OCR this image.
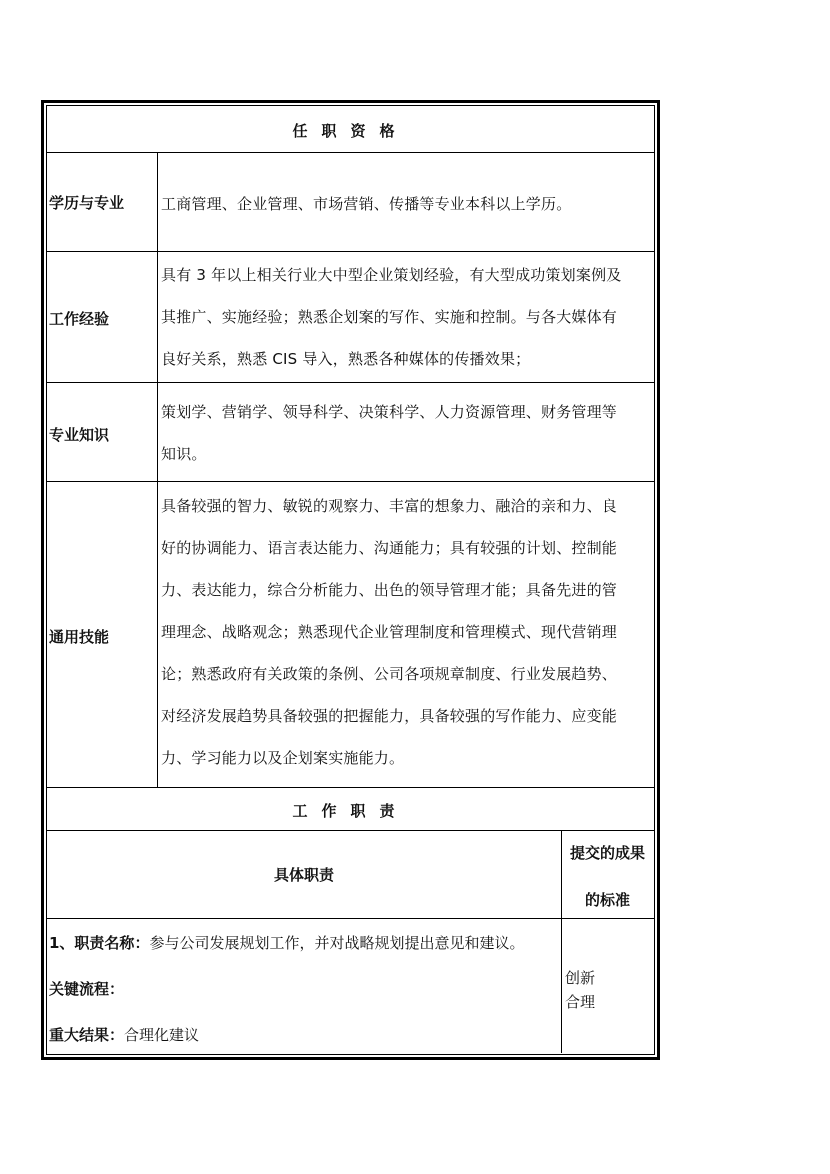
任职资格
学历与专业	工商管理、企业管理、市场营销、传播等专业本科以上学历。
工作经验
具有 3 年以上相关行业大中型企业策划经验，有大型成功策划案例及
其推广、实施经验；熟悉企划案的写作、实施和控制。与各大媒体有
良好关系，熟悉 CIS 导入，熟悉各种媒体的传播效果；
专业知识
策划学、营销学、领导科学、决策科学、人力资源管理、财务管理等
知识。
通用技能
具备较强的智力、敏锐的观察力、丰富的想象力、融洽的亲和力、良
好的协调能力、语言表达能力、沟通能力；具有较强的计划、控制能
力、表达能力，综合分析能力、出色的领导管理才能；具备先进的管
理理念、战略观念；熟悉现代企业管理制度和管理模式、现代营销理
论；熟悉政府有关政策的条例、公司各项规章制度、行业发展趋势、
对经济发展趋势具备较强的把握能力，具备较强的写作能力、应变能
力、学习能力以及企划案实施能力。
工作职责
具体职责
提交的成果
的标准
1、职责名称：参与公司发展规划工作，并对战略规划提出意见和建议。
关键流程：
重大结果：合理化建议
创新
合理
